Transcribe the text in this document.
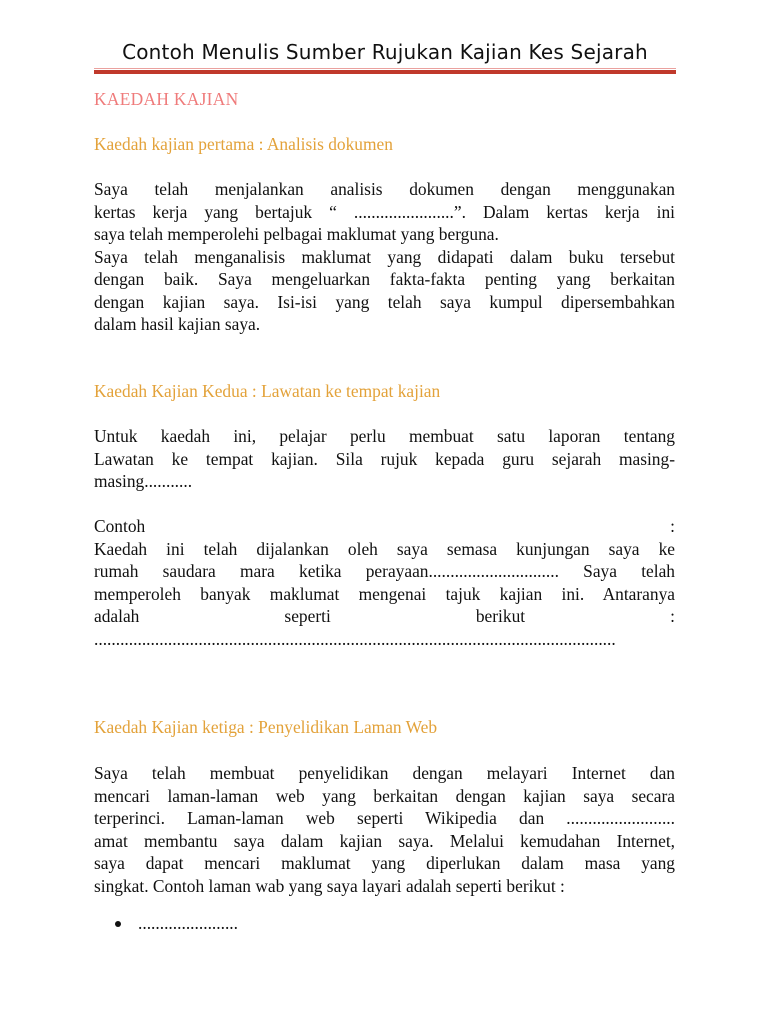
Contoh Menulis Sumber Rujukan Kajian Kes Sejarah
KAEDAH KAJIAN
Kaedah kajian pertama : Analisis dokumen
Saya telah menjalankan analisis dokumen dengan menggunakan
kertas kerja yang bertajuk “ .......................”. Dalam kertas kerja ini
saya telah memperolehi pelbagai maklumat yang berguna.
Saya telah menganalisis maklumat yang didapati dalam buku tersebut
dengan baik. Saya mengeluarkan fakta-fakta penting yang berkaitan
dengan kajian saya. Isi-isi yang telah saya kumpul dipersembahkan
dalam hasil kajian saya.
Kaedah Kajian Kedua : Lawatan ke tempat kajian
Untuk kaedah ini, pelajar perlu membuat satu laporan tentang
Lawatan ke tempat kajian. Sila rujuk kepada guru sejarah masing-
masing...........
Contoh	:
Kaedah ini telah dijalankan oleh saya semasa kunjungan saya ke
rumah saudara mara ketika perayaan.............................. Saya telah
memperoleh banyak maklumat mengenai tajuk kajian ini. Antaranya
adalah seperti berikut :
........................................................................................................................
Kaedah Kajian ketiga : Penyelidikan Laman Web
Saya telah membuat penyelidikan dengan melayari Internet dan
mencari laman-laman web yang berkaitan dengan kajian saya secara
terperinci. Laman-laman web seperti Wikipedia dan .........................
amat membantu saya dalam kajian saya. Melalui kemudahan Internet,
saya dapat mencari maklumat yang diperlukan dalam masa yang
singkat. Contoh laman wab yang saya layari adalah seperti berikut :
.......................
